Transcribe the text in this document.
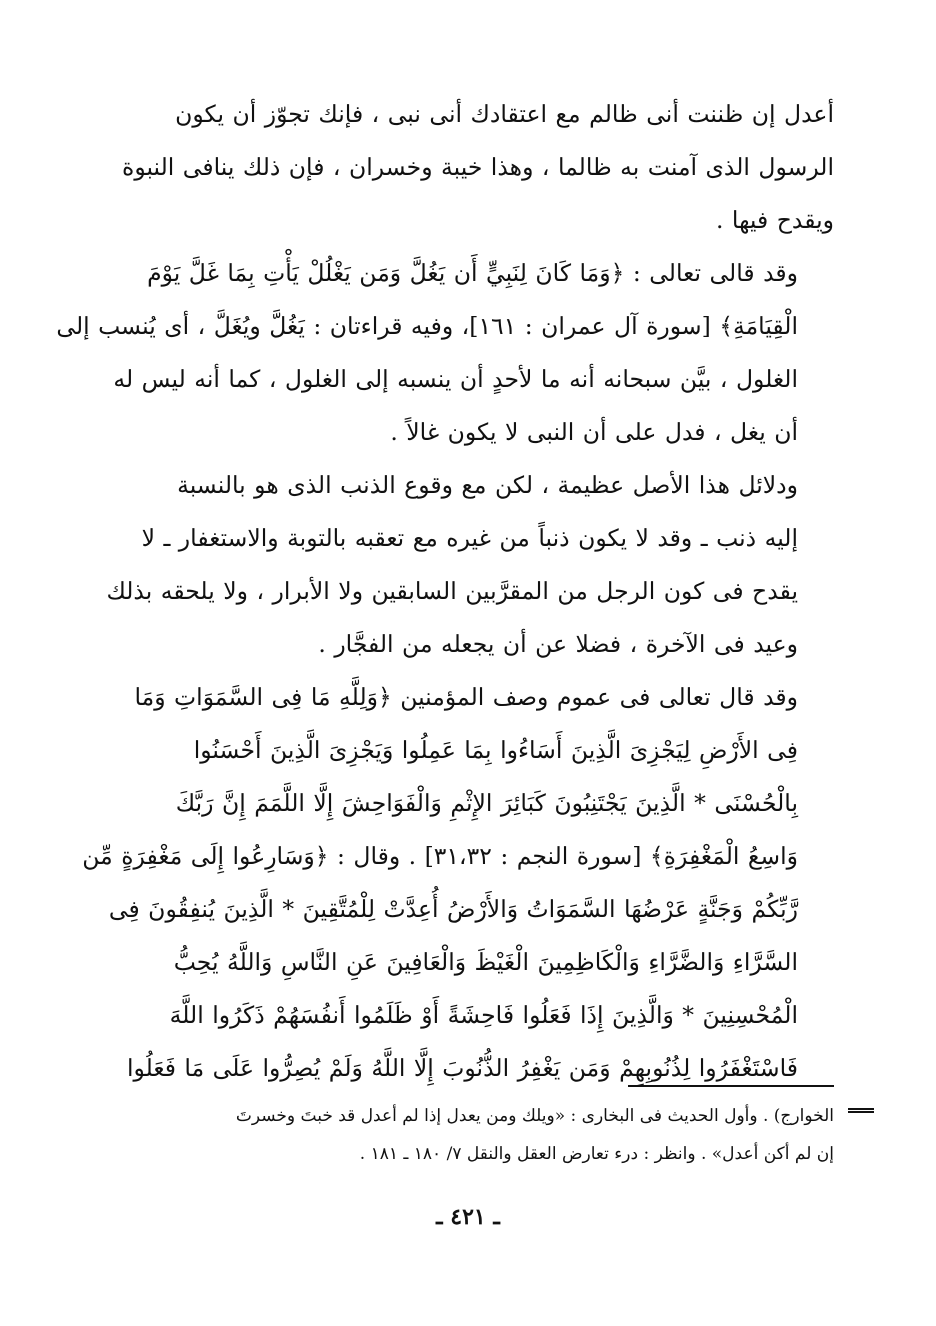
أعدل إن ظننت أنى ظالم مع اعتقادك أنى نبى ، فإنك تجوّز أن يكون
الرسول الذى آمنت به ظالما ، وهذا خيبة وخسران ، فإن ذلك ينافى النبوة
ويقدح فيها .

وقد قالى تعالى : ﴿وَمَا كَانَ لِنَبِيٍّ أَن يَغُلَّ وَمَن يَغْلُلْ يَأْتِ بِمَا غَلَّ يَوْمَ
الْقِيَامَةِ﴾ [سورة آل عمران : ١٦١]، وفيه قراءتان : يَغُلَّ ويُغَلَّ ، أى يُنسب إلى
الغلول ، بيَّن سبحانه أنه ما لأحدٍ أن ينسبه إلى الغلول ، كما أنه ليس له
أن يغل ، فدل على أن النبى لا يكون غالاً .

ودلائل هذا الأصل عظيمة ، لكن مع وقوع الذنب الذى هو بالنسبة
إليه ذنب ـ وقد لا يكون ذنباً من غيره مع تعقبه بالتوبة والاستغفار ـ لا
يقدح فى كون الرجل من المقرَّبين السابقين ولا الأبرار ، ولا يلحقه بذلك
وعيد فى الآخرة ، فضلا عن أن يجعله من الفجَّار .

وقد قال تعالى فى عموم وصف المؤمنين ﴿وَلِلَّهِ مَا فِى السَّمَوَاتِ وَمَا
فِى الأَرْضِ لِيَجْزِىَ الَّذِينَ أَسَاءُوا بِمَا عَمِلُوا وَيَجْزِىَ الَّذِينَ أَحْسَنُوا
بِالْحُسْنَى * الَّذِينَ يَجْتَنِبُونَ كَبَائِرَ الإِثْمِ وَالْفَوَاحِشَ إِلَّا اللَّمَمَ إِنَّ رَبَّكَ
وَاسِعُ الْمَغْفِرَةِ﴾ [سورة النجم : ٣١،٣٢] . وقال : ﴿وَسَارِعُوا إِلَى مَغْفِرَةٍ مِّن
رَّبِّكُمْ وَجَنَّةٍ عَرْضُهَا السَّمَوَاتُ وَالأَرْضُ أُعِدَّتْ لِلْمُتَّقِينَ * الَّذِينَ يُنفِقُونَ فِى
السَّرَّاءِ وَالضَّرَّاءِ وَالْكَاظِمِينَ الْغَيْظَ وَالْعَافِينَ عَنِ النَّاسِ وَاللَّهُ يُحِبُّ
الْمُحْسِنِينَ * وَالَّذِينَ إِذَا فَعَلُوا فَاحِشَةً أَوْ ظَلَمُوا أَنفُسَهُمْ ذَكَرُوا اللَّهَ
فَاسْتَغْفَرُوا لِذُنُوبِهِمْ وَمَن يَغْفِرُ الذُّنُوبَ إِلَّا اللَّهُ وَلَمْ يُصِرُّوا عَلَى مَا فَعَلُوا

الخوارج) . وأول الحديث فى البخارى : «ويلك ومن يعدل إذا لم أعدل قد خبتَ وخسرتَ
إن لم أكن أعدل» . وانظر : درء تعارض العقل والنقل ٧/ ١٨٠ ـ ١٨١ .
ـ ٤٢١ ـ
